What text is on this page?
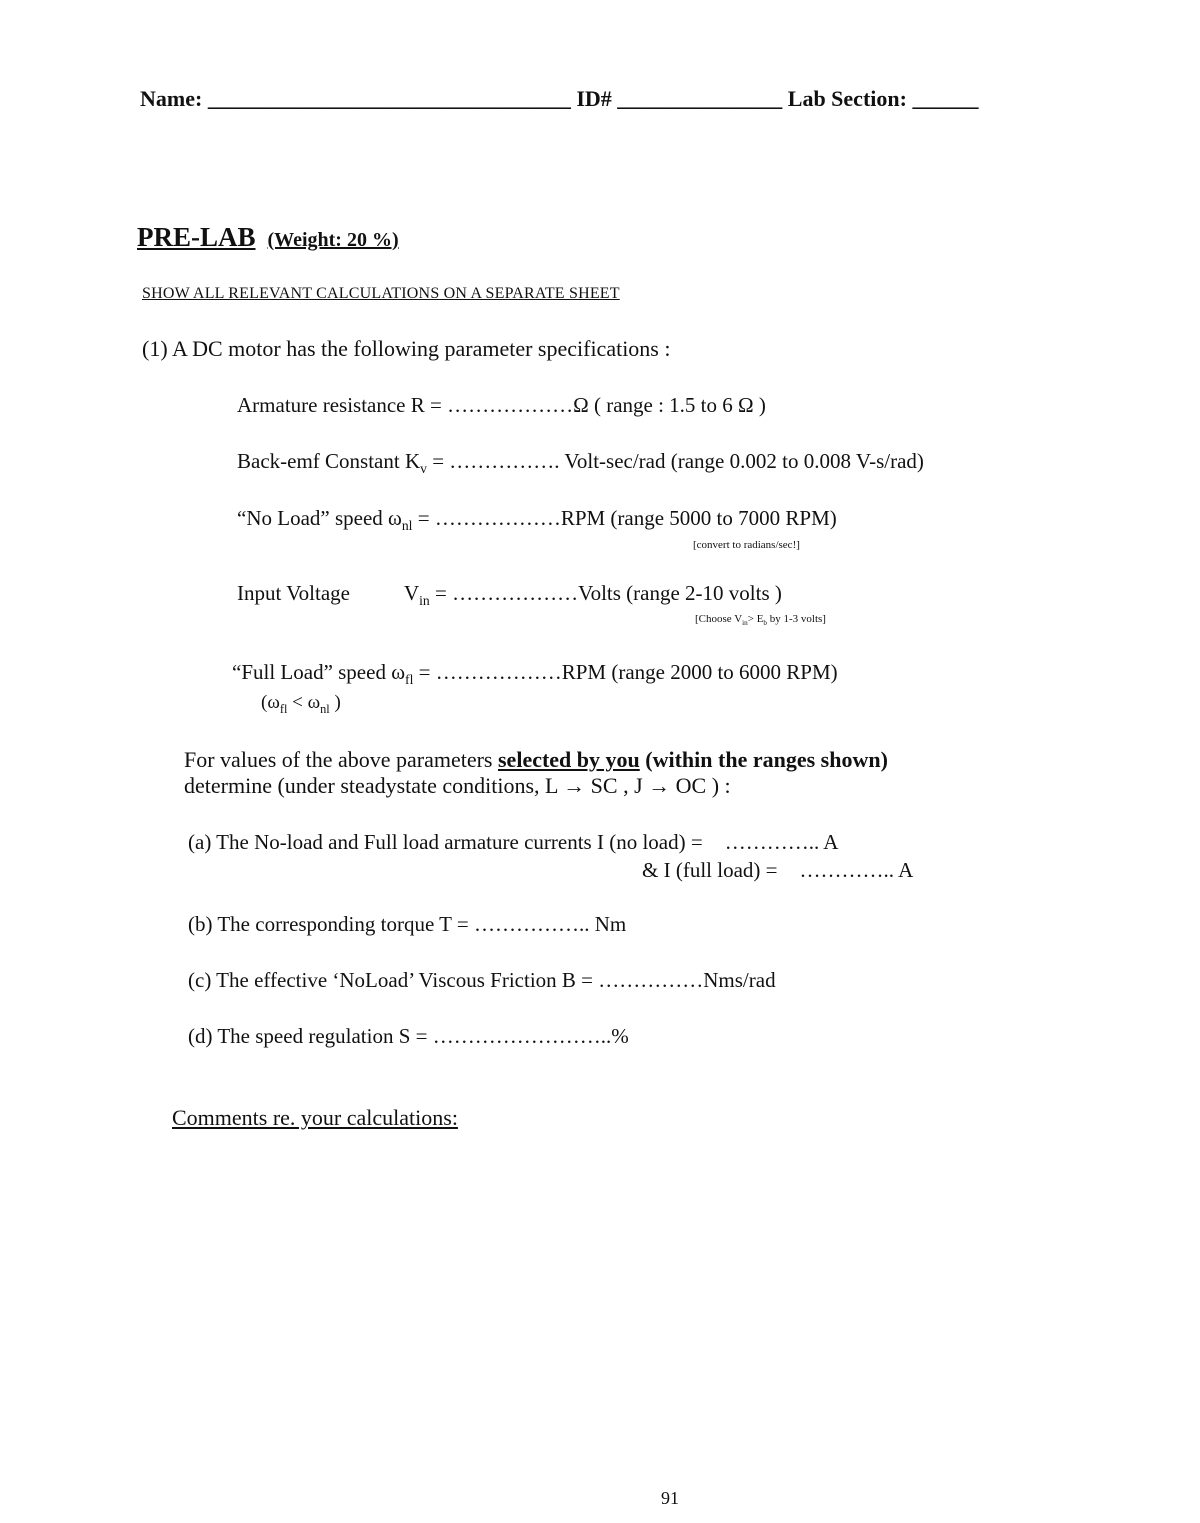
Name: _________________________________ ID# _______________ Lab Section: ______
PRE-LAB (Weight: 20 %)
SHOW ALL RELEVANT CALCULATIONS ON A SEPARATE SHEET
(1) A DC motor has the following parameter specifications :
Armature resistance R = ………………Ω ( range : 1.5 to 6 Ω )
Back-emf Constant $K_v$ = ……………. Volt-sec/rad (range 0.002 to 0.008 V-s/rad)
“No Load” speed $\omega_{nl}$ = ………………RPM (range 5000 to 7000 RPM)
[convert to radians/sec!]
Input Voltage	$V_{in}$ = ………………Volts (range 2-10 volts )
[Choose $V_{in}> E_b$ by 1-3 volts]
“Full Load” speed $\omega_{fl}$ = ………………RPM (range 2000 to 6000 RPM)
($\omega_{fl} < \omega_{nl}$ )
For values of the above parameters selected by you (within the ranges shown)
determine (under steadystate conditions, L → SC , J → OC ) :
(a) The No-load and Full load armature currents I (no load) = ………….. A
& I (full load) = ………….. A
(b) The corresponding torque T = …………….. Nm
(c) The effective ‘NoLoad’ Viscous Friction B = ……………Nms/rad
(d) The speed regulation S = ……………………..%
Comments re. your calculations:
91
